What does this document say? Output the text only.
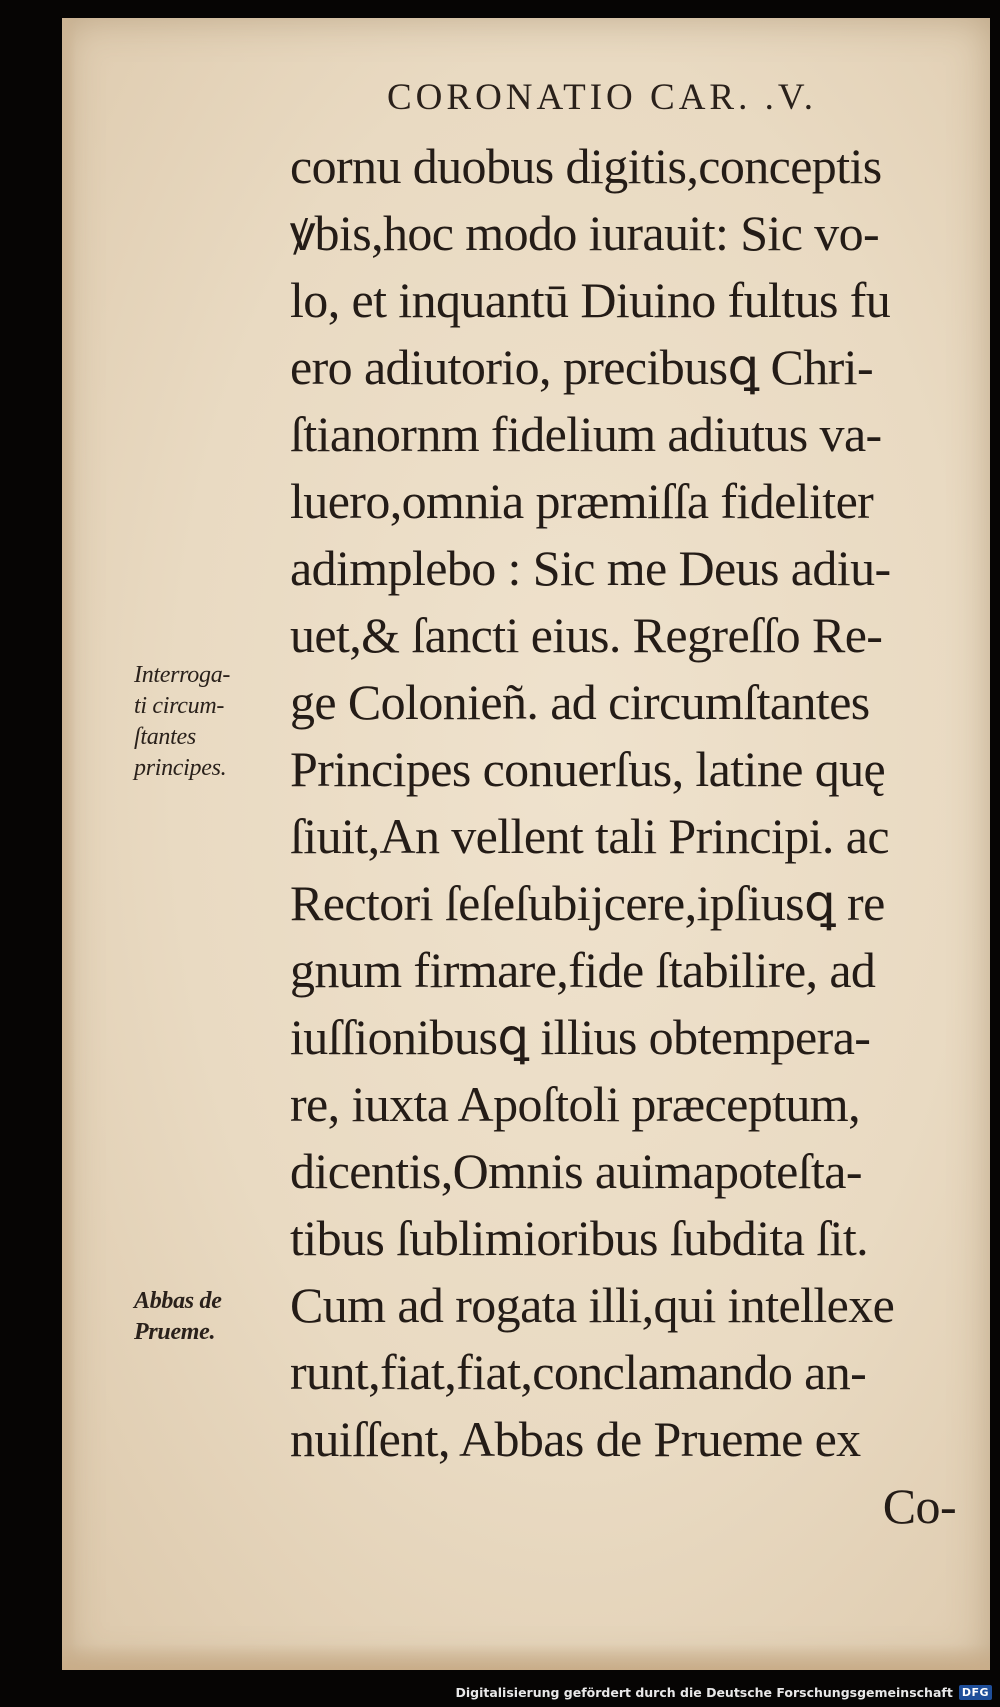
CORONATIO CAR. .V.
Interroga-
ti circum-
ſtantes
principes.
Abbas de
Prueme.
cornu duobus digitis,conceptis
ꝟbis,hoc modo iurauit: Sic vo-
lo, et inquantū Diuino fultus fu
ero adiutorio, precibusꝗ Chri-
ſtianornm fidelium adiutus va-
luero,omnia præmiſſa fideliter
adimplebo : Sic me Deus adiu-
uet,& ſancti eius. Regreſſo Re-
ge Colonieñ. ad circumſtantes
Principes conuerſus, latine quę
ſiuit,An vellent tali Principi. ac
Rectori ſeſeſubĳcere,ipſiusꝗ re
gnum firmare,fide ſtabilire, ad
iuſſionibusꝗ illius obtempera-
re, iuxta Apoſtoli præceptum,
dicentis,Omnis auimapoteſta-
tibus ſublimioribus ſubdita ſit.
Cum ad rogata illi,qui intellexe
runt,fiat,fiat,conclamando an-
nuiſſent, Abbas de Prueme ex
Co-
Digitalisierung gefördert durch die Deutsche Forschungsgemeinschaft DFG
